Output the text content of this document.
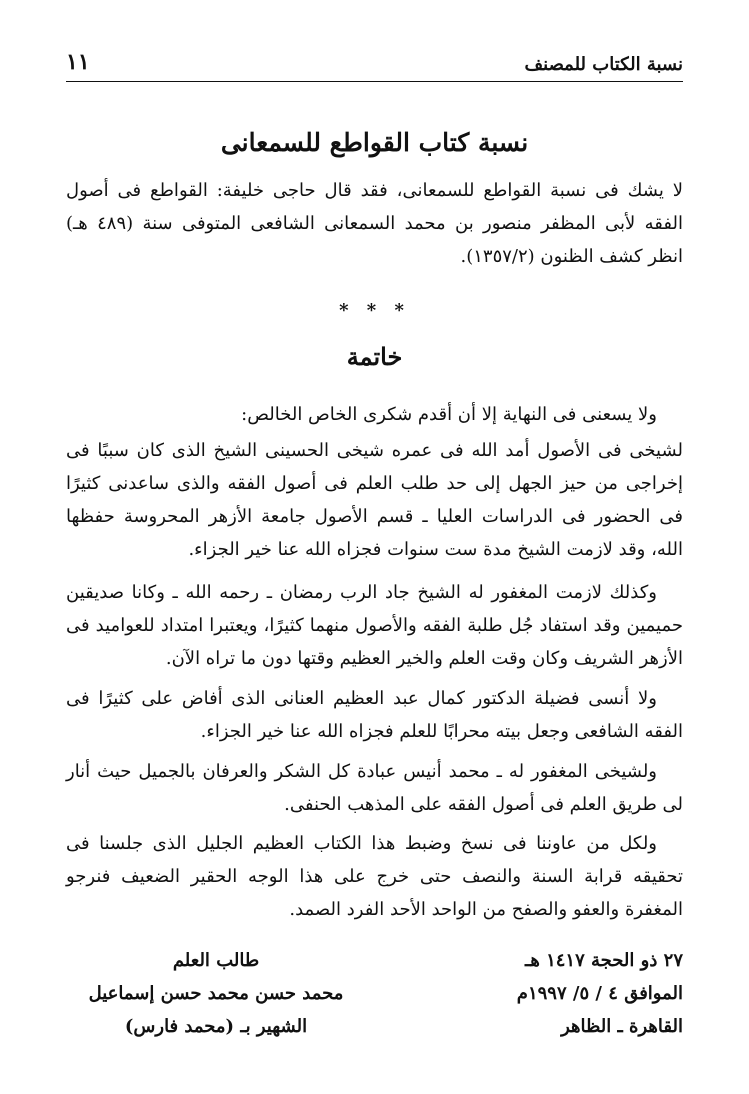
نسبة الكتاب للمصنف
١١
نسبة كتاب القواطع للسمعانى

لا يشك فى نسبة القواطع للسمعانى، فقد قال حاجى خليفة: القواطع فى أصول الفقه لأبى المظفر منصور بن محمد السمعانى الشافعى المتوفى سنة (٤٨٩ هـ) انظر كشف الظنون (١٣٥٧/٢).

* * *
خاتمة

ولا يسعنى فى النهاية إلا أن أقدم شكرى الخاص الخالص:

لشيخى فى الأصول أمد الله فى عمره شيخى الحسينى الشيخ الذى كان سببًا فى إخراجى من حيز الجهل إلى حد طلب العلم فى أصول الفقه والذى ساعدنى كثيرًا فى الحضور فى الدراسات العليا ـ قسم الأصول جامعة الأزهر المحروسة حفظها الله، وقد لازمت الشيخ مدة ست سنوات فجزاه الله عنا خير الجزاء.

وكذلك لازمت المغفور له الشيخ جاد الرب رمضان ـ رحمه الله ـ وكانا صديقين حميمين وقد استفاد جُل طلبة الفقه والأصول منهما كثيرًا، ويعتبرا امتداد للعواميد فى الأزهر الشريف وكان وقت العلم والخير العظيم وقتها دون ما تراه الآن.

ولا أنسى فضيلة الدكتور كمال عبد العظيم العنانى الذى أفاض على كثيرًا فى الفقه الشافعى وجعل بيته محرابًا للعلم فجزاه الله عنا خير الجزاء.

ولشيخى المغفور له ـ محمد أنيس عبادة كل الشكر والعرفان بالجميل حيث أنار لى طريق العلم فى أصول الفقه على المذهب الحنفى.

ولكل من عاوننا فى نسخ وضبط هذا الكتاب العظيم الجليل الذى جلسنا فى تحقيقه قرابة السنة والنصف حتى خرج على هذا الوجه الحقير الضعيف فنرجو المغفرة والعفو والصفح من الواحد الأحد الفرد الصمد.

٢٧ ذو الحجة ١٤١٧ هـ
الموافق ٤ / ٥/ ١٩٩٧م
القاهرة ـ الظاهر
طالب العلم
محمد حسن محمد حسن إسماعيل
الشهير بـ (محمد فارس)
